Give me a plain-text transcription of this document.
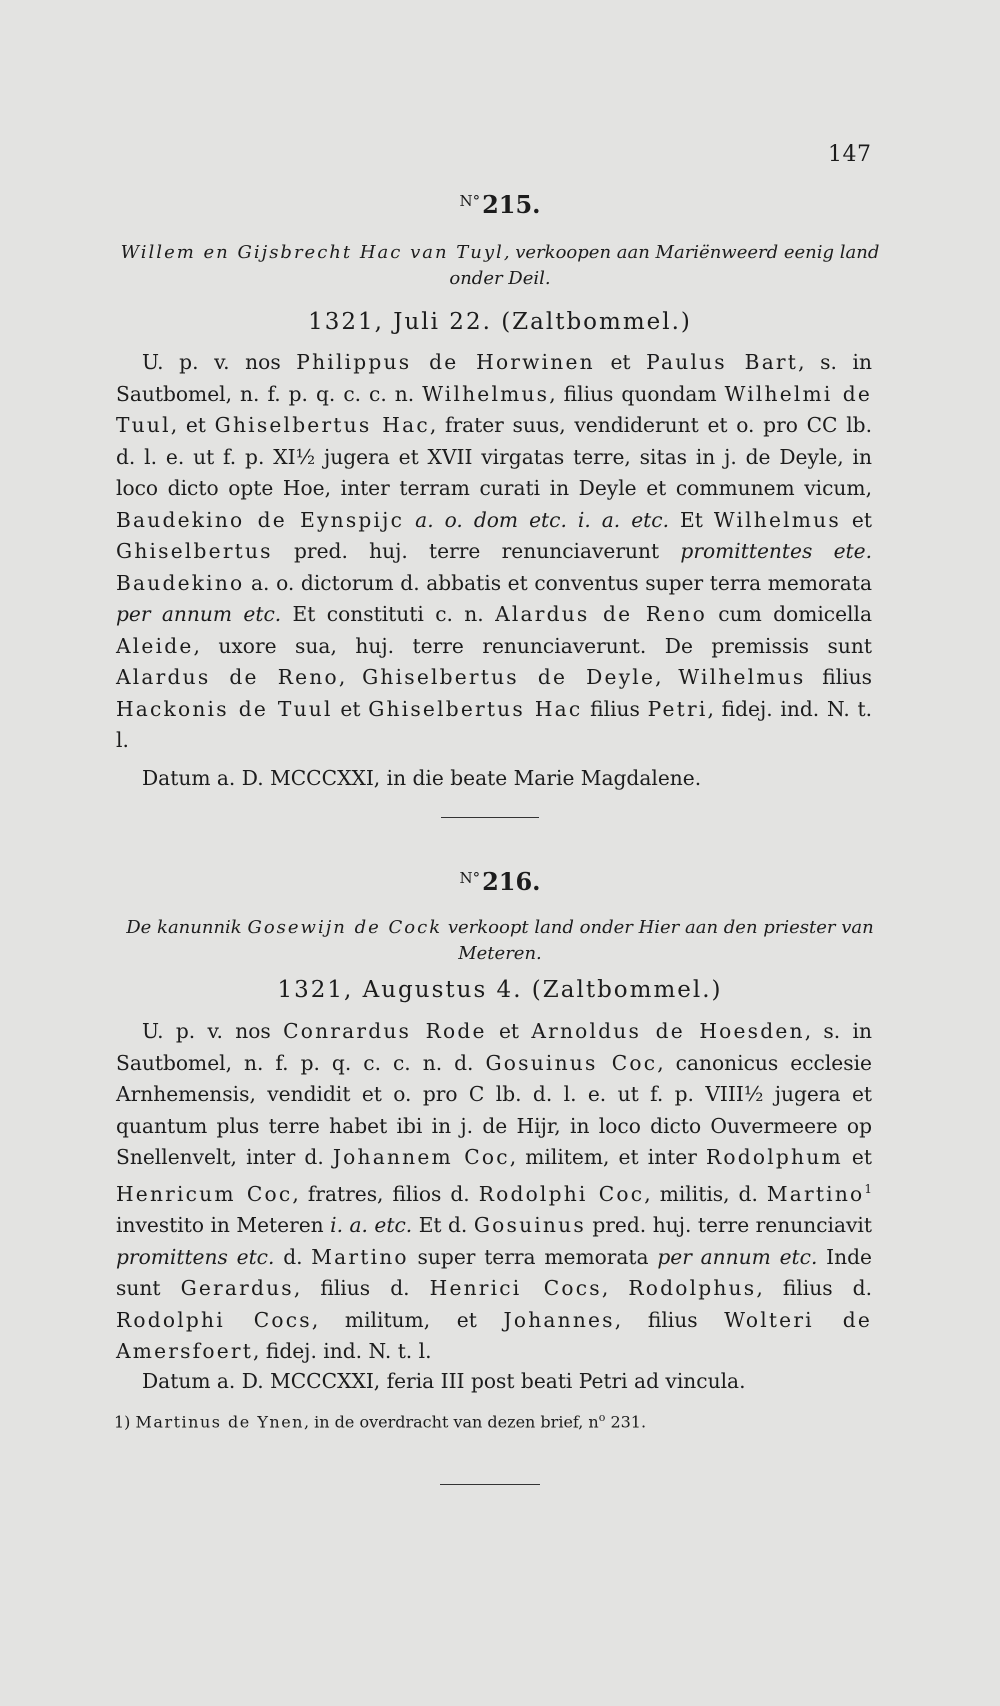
147
$^{N^\circ}$215.
Willem en Gijsbrecht Hac van Tuyl, verkoopen aan Mariënweerd eenig land onder Deil.
1321, Juli 22. (Zaltbommel.)
U. p. v. nos Philippus de Horwinen et Paulus Bart, s. in Sautbomel, n. f. p. q. c. c. n. Wilhelmus, filius quondam Wilhelmi de Tuul, et Ghiselbertus Hac, frater suus, vendiderunt et o. pro CC lb. d. l. e. ut f. p. XI½ jugera et XVII virgatas terre, sitas in j. de Deyle, in loco dicto opte Hoe, inter terram curati in Deyle et communem vicum, Baudekino de Eynspijc a. o. dom etc. i. a. etc. Et Wilhelmus et Ghiselbertus pred. huj. terre renunciaverunt promittentes ete. Baudekino a. o. dictorum d. abbatis et conventus super terra memorata per annum etc. Et constituti c. n. Alardus de Reno cum domicella Aleide, uxore sua, huj. terre renunciaverunt. De premissis sunt Alardus de Reno, Ghiselbertus de Deyle, Wilhelmus filius Hackonis de Tuul et Ghiselbertus Hac filius Petri, fidej. ind. N. t. l.
Datum a. D. MCCCXXI, in die beate Marie Magdalene.
$^{N^\circ}$216.
De kanunnik Gosewijn de Cock verkoopt land onder Hier aan den priester van Meteren.
1321, Augustus 4. (Zaltbommel.)
U. p. v. nos Conrardus Rode et Arnoldus de Hoesden, s. in Sautbomel, n. f. p. q. c. c. n. d. Gosuinus Coc, canonicus ecclesie Arnhemensis, vendidit et o. pro C lb. d. l. e. ut f. p. VIII½ jugera et quantum plus terre habet ibi in j. de Hijr, in loco dicto Ouvermeere op Snellenvelt, inter d. Johannem Coc, militem, et inter Rodolphum et Henricum Coc, fratres, filios d. Rodolphi Coc, militis, d. Martino$^1$ investito in Meteren i. a. etc. Et d. Gosuinus pred. huj. terre renunciavit promittens etc. d. Martino super terra memorata per annum etc. Inde sunt Gerardus, filius d. Henrici Cocs, Rodolphus, filius d. Rodolphi Cocs, militum, et Johannes, filius Wolteri de Amersfoert, fidej. ind. N. t. l.
Datum a. D. MCCCXXI, feria III post beati Petri ad vincula.
1) Martinus de Ynen, in de overdracht van dezen brief, $n^o$ 231.
